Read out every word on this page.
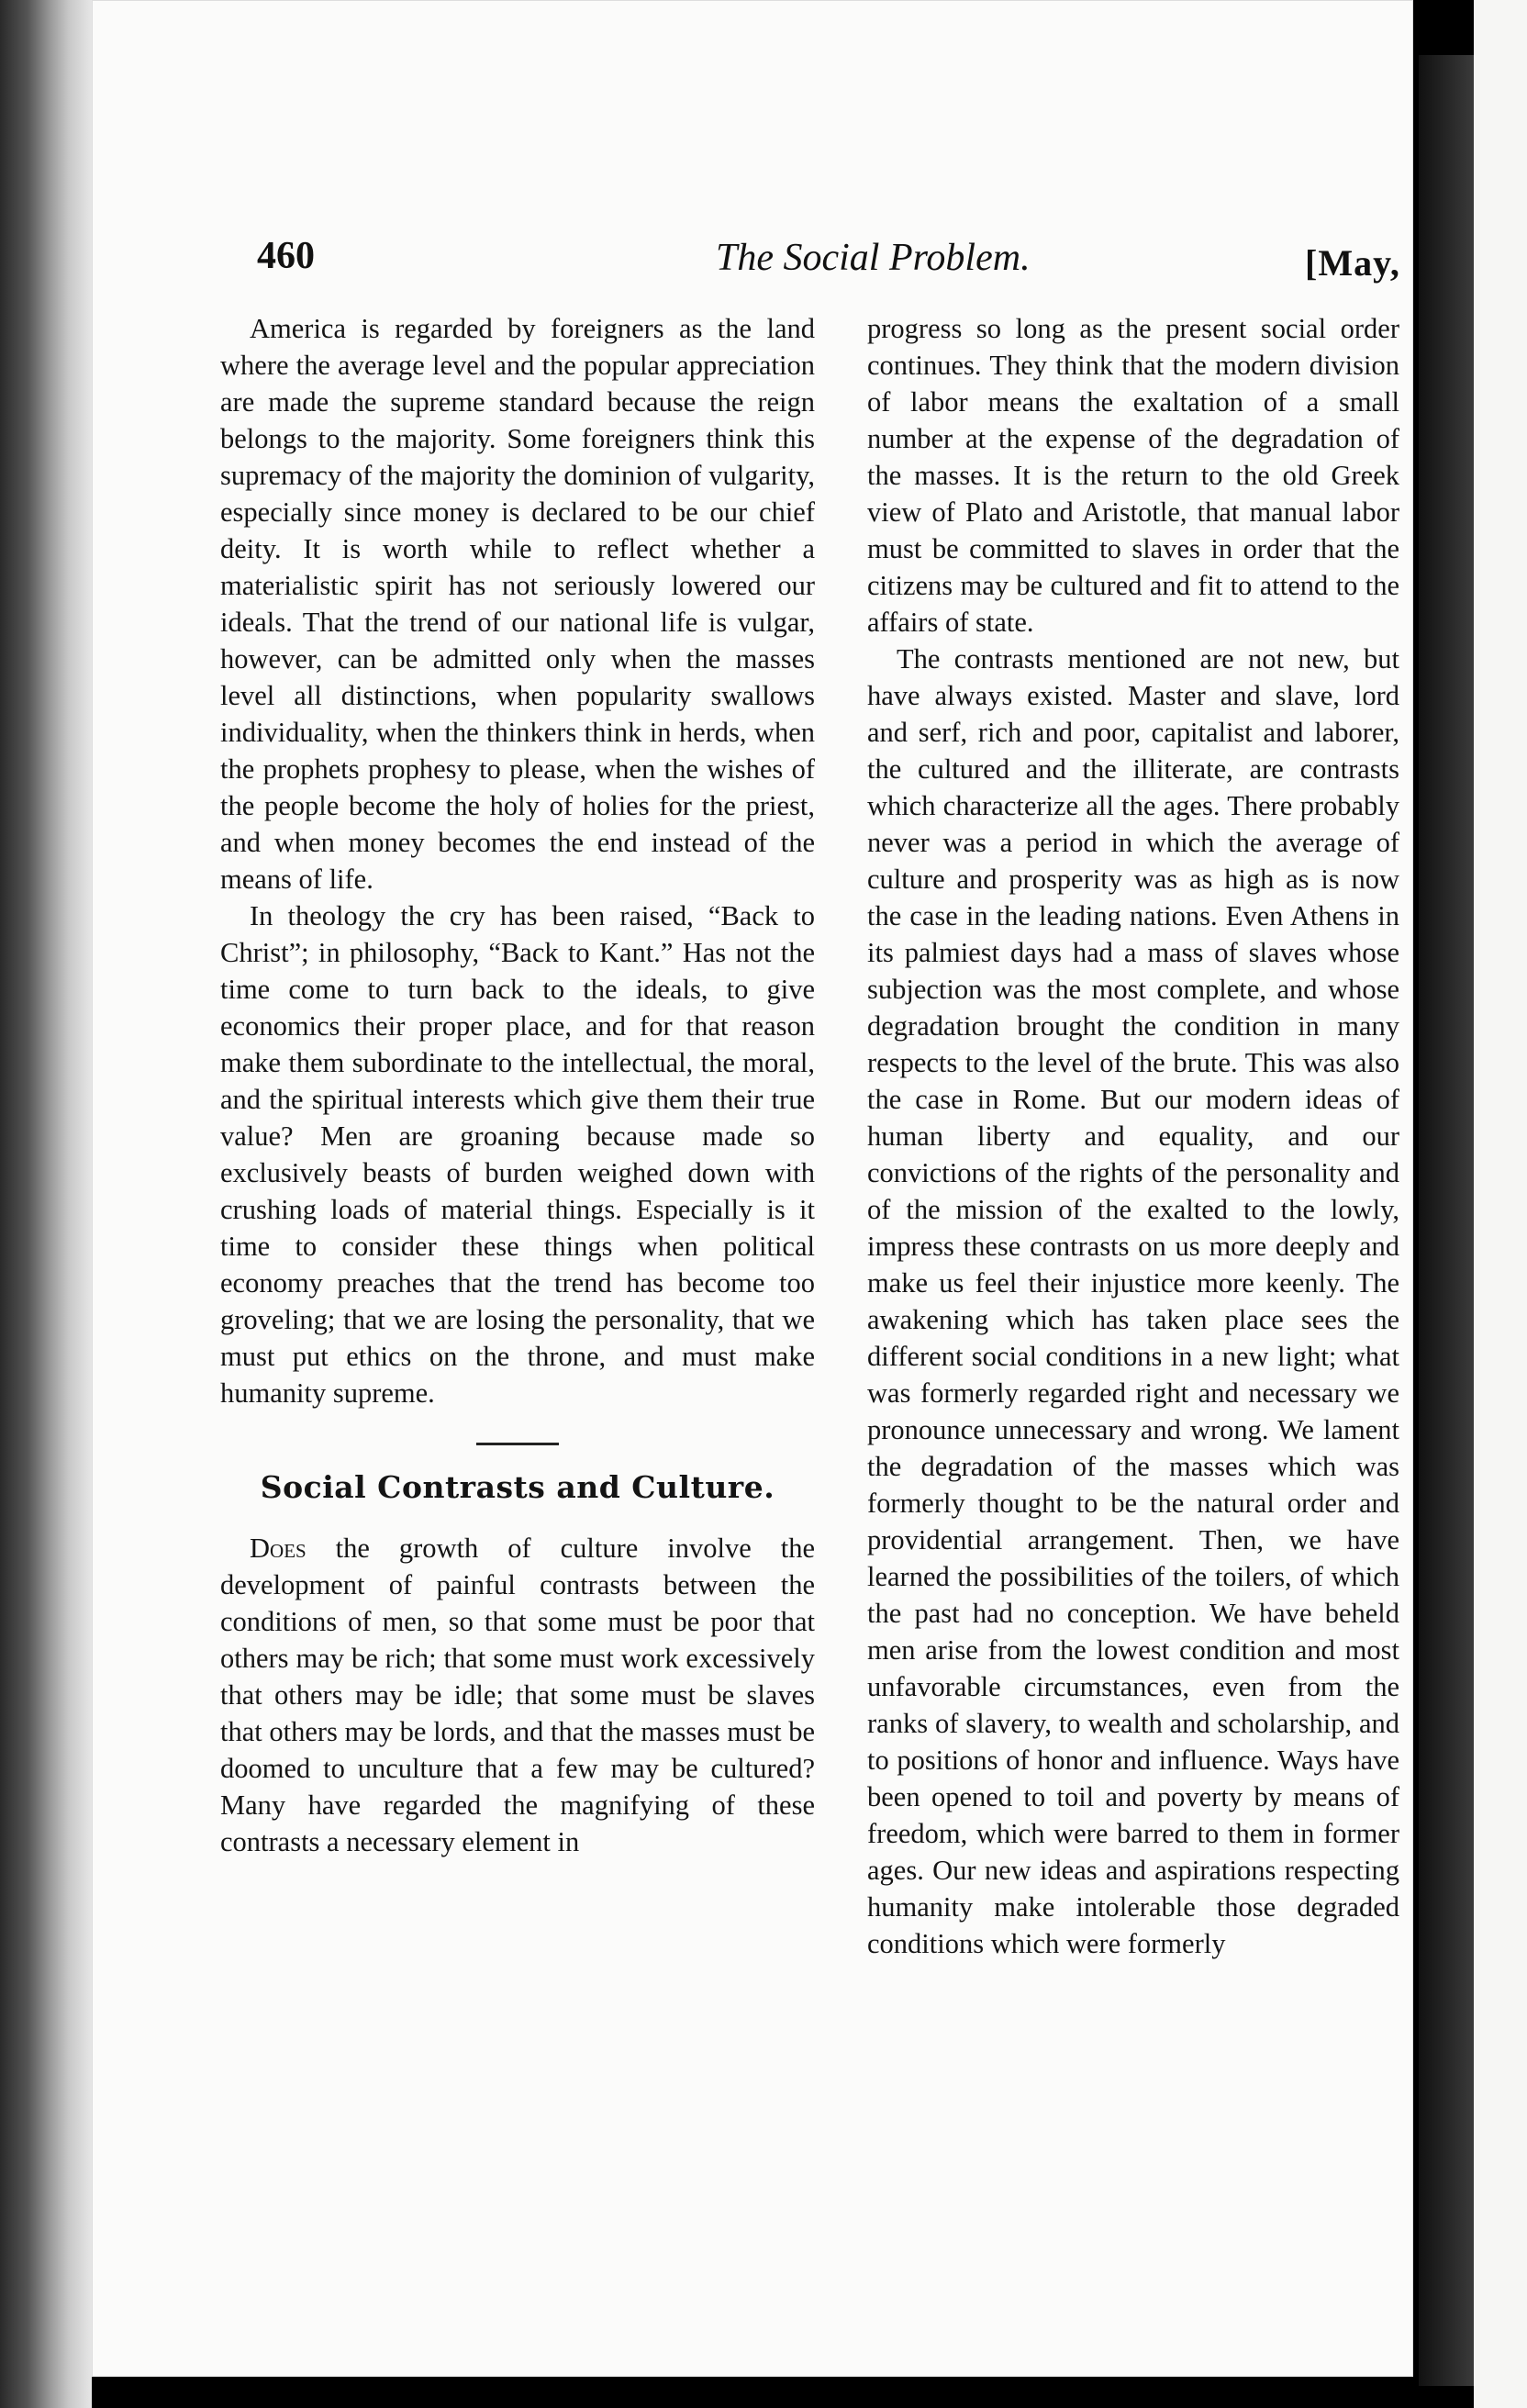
460	The Social Problem.	[May,

America is regarded by foreigners as the land where the average level and the popular appreciation are made the supreme standard because the reign belongs to the majority. Some foreigners think this supremacy of the majority the dominion of vulgarity, especially since money is declared to be our chief deity. It is worth while to reflect whether a materialistic spirit has not seriously lowered our ideals. That the trend of our national life is vulgar, however, can be admitted only when the masses level all distinctions, when popularity swallows individuality, when the thinkers think in herds, when the prophets prophesy to please, when the wishes of the people become the holy of holies for the priest, and when money becomes the end instead of the means of life.

In theology the cry has been raised, “Back to Christ”; in philosophy, “Back to Kant.” Has not the time come to turn back to the ideals, to give economics their proper place, and for that reason make them subordinate to the intellectual, the moral, and the spiritual interests which give them their true value? Men are groaning because made so exclusively beasts of burden weighed down with crushing loads of material things. Especially is it time to consider these things when political economy preaches that the trend has become too groveling; that we are losing the personality, that we must put ethics on the throne, and must make humanity supreme.

Social Contrasts and Culture.

Does the growth of culture involve the development of painful contrasts between the conditions of men, so that some must be poor that others may be rich; that some must work excessively that others may be idle; that some must be slaves that others may be lords, and that the masses must be doomed to unculture that a few may be cultured? Many have regarded the magnifying of these contrasts a necessary element in

progress so long as the present social order continues. They think that the modern division of labor means the exaltation of a small number at the expense of the degradation of the masses. It is the return to the old Greek view of Plato and Aristotle, that manual labor must be committed to slaves in order that the citizens may be cultured and fit to attend to the affairs of state.

The contrasts mentioned are not new, but have always existed. Master and slave, lord and serf, rich and poor, capitalist and laborer, the cultured and the illiterate, are contrasts which characterize all the ages. There probably never was a period in which the average of culture and prosperity was as high as is now the case in the leading nations. Even Athens in its palmiest days had a mass of slaves whose subjection was the most complete, and whose degradation brought the condition in many respects to the level of the brute. This was also the case in Rome. But our modern ideas of human liberty and equality, and our convictions of the rights of the personality and of the mission of the exalted to the lowly, impress these contrasts on us more deeply and make us feel their injustice more keenly. The awakening which has taken place sees the different social conditions in a new light; what was formerly regarded right and necessary we pronounce unnecessary and wrong. We lament the degradation of the masses which was formerly thought to be the natural order and providential arrangement. Then, we have learned the possibilities of the toilers, of which the past had no conception. We have beheld men arise from the lowest condition and most unfavorable circumstances, even from the ranks of slavery, to wealth and scholarship, and to positions of honor and influence. Ways have been opened to toil and poverty by means of freedom, which were barred to them in former ages. Our new ideas and aspirations respecting humanity make intolerable those degraded conditions which were formerly
